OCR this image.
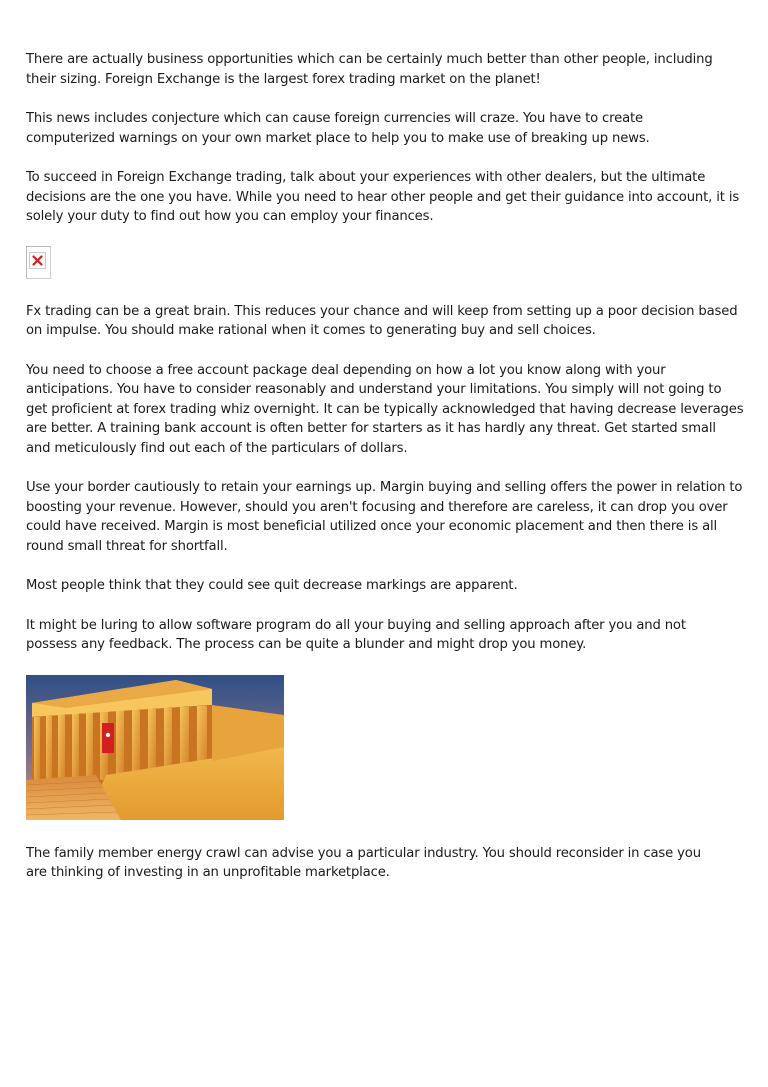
There are actually business opportunities which can be certainly much better than other people, including their sizing. Foreign Exchange is the largest forex trading market on the planet!

This news includes conjecture which can cause foreign currencies will craze. You have to create computerized warnings on your own market place to help you to make use of breaking up news.

To succeed in Foreign Exchange trading, talk about your experiences with other dealers, but the ultimate decisions are the one you have. While you need to hear other people and get their guidance into account, it is solely your duty to find out how you can employ your finances.

Fx trading can be a great brain. This reduces your chance and will keep from setting up a poor decision based on impulse. You should make rational when it comes to generating buy and sell choices.

You need to choose a free account package deal depending on how a lot you know along with your anticipations. You have to consider reasonably and understand your limitations. You simply will not going to get proficient at forex trading whiz overnight. It can be typically acknowledged that having decrease leverages are better. A training bank account is often better for starters as it has hardly any threat. Get started small and meticulously find out each of the particulars of dollars.

Use your border cautiously to retain your earnings up. Margin buying and selling offers the power in relation to boosting your revenue. However, should you aren't focusing and therefore are careless, it can drop you over could have received. Margin is most beneficial utilized once your economic placement and then there is all round small threat for shortfall.

Most people think that they could see quit decrease markings are apparent.

It might be luring to allow software program do all your buying and selling approach after you and not possess any feedback. The process can be quite a blunder and might drop you money.

The family member energy crawl can advise you a particular industry. You should reconsider in case you are thinking of investing in an unprofitable marketplace.
